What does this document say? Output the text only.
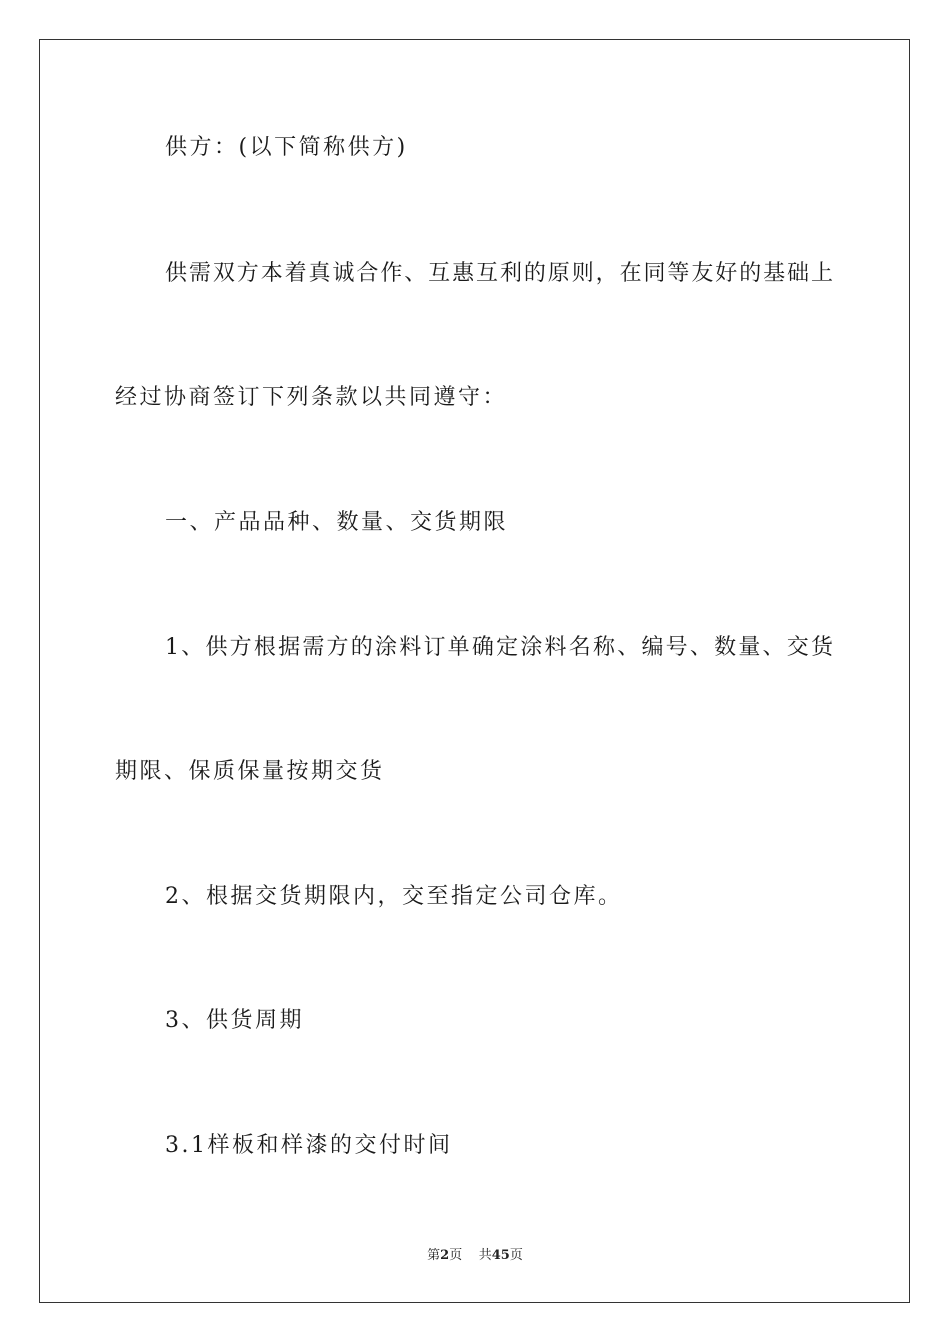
供方：(以下简称供方)
供需双方本着真诚合作、互惠互利的原则，在同等友好的基础上
经过协商签订下列条款以共同遵守：
一、产品品种、数量、交货期限
1、供方根据需方的涂料订单确定涂料名称、编号、数量、交货
期限、保质保量按期交货
2、根据交货期限内，交至指定公司仓库。
3、供货周期
3.1样板和样漆的交付时间
第2页 共45页
